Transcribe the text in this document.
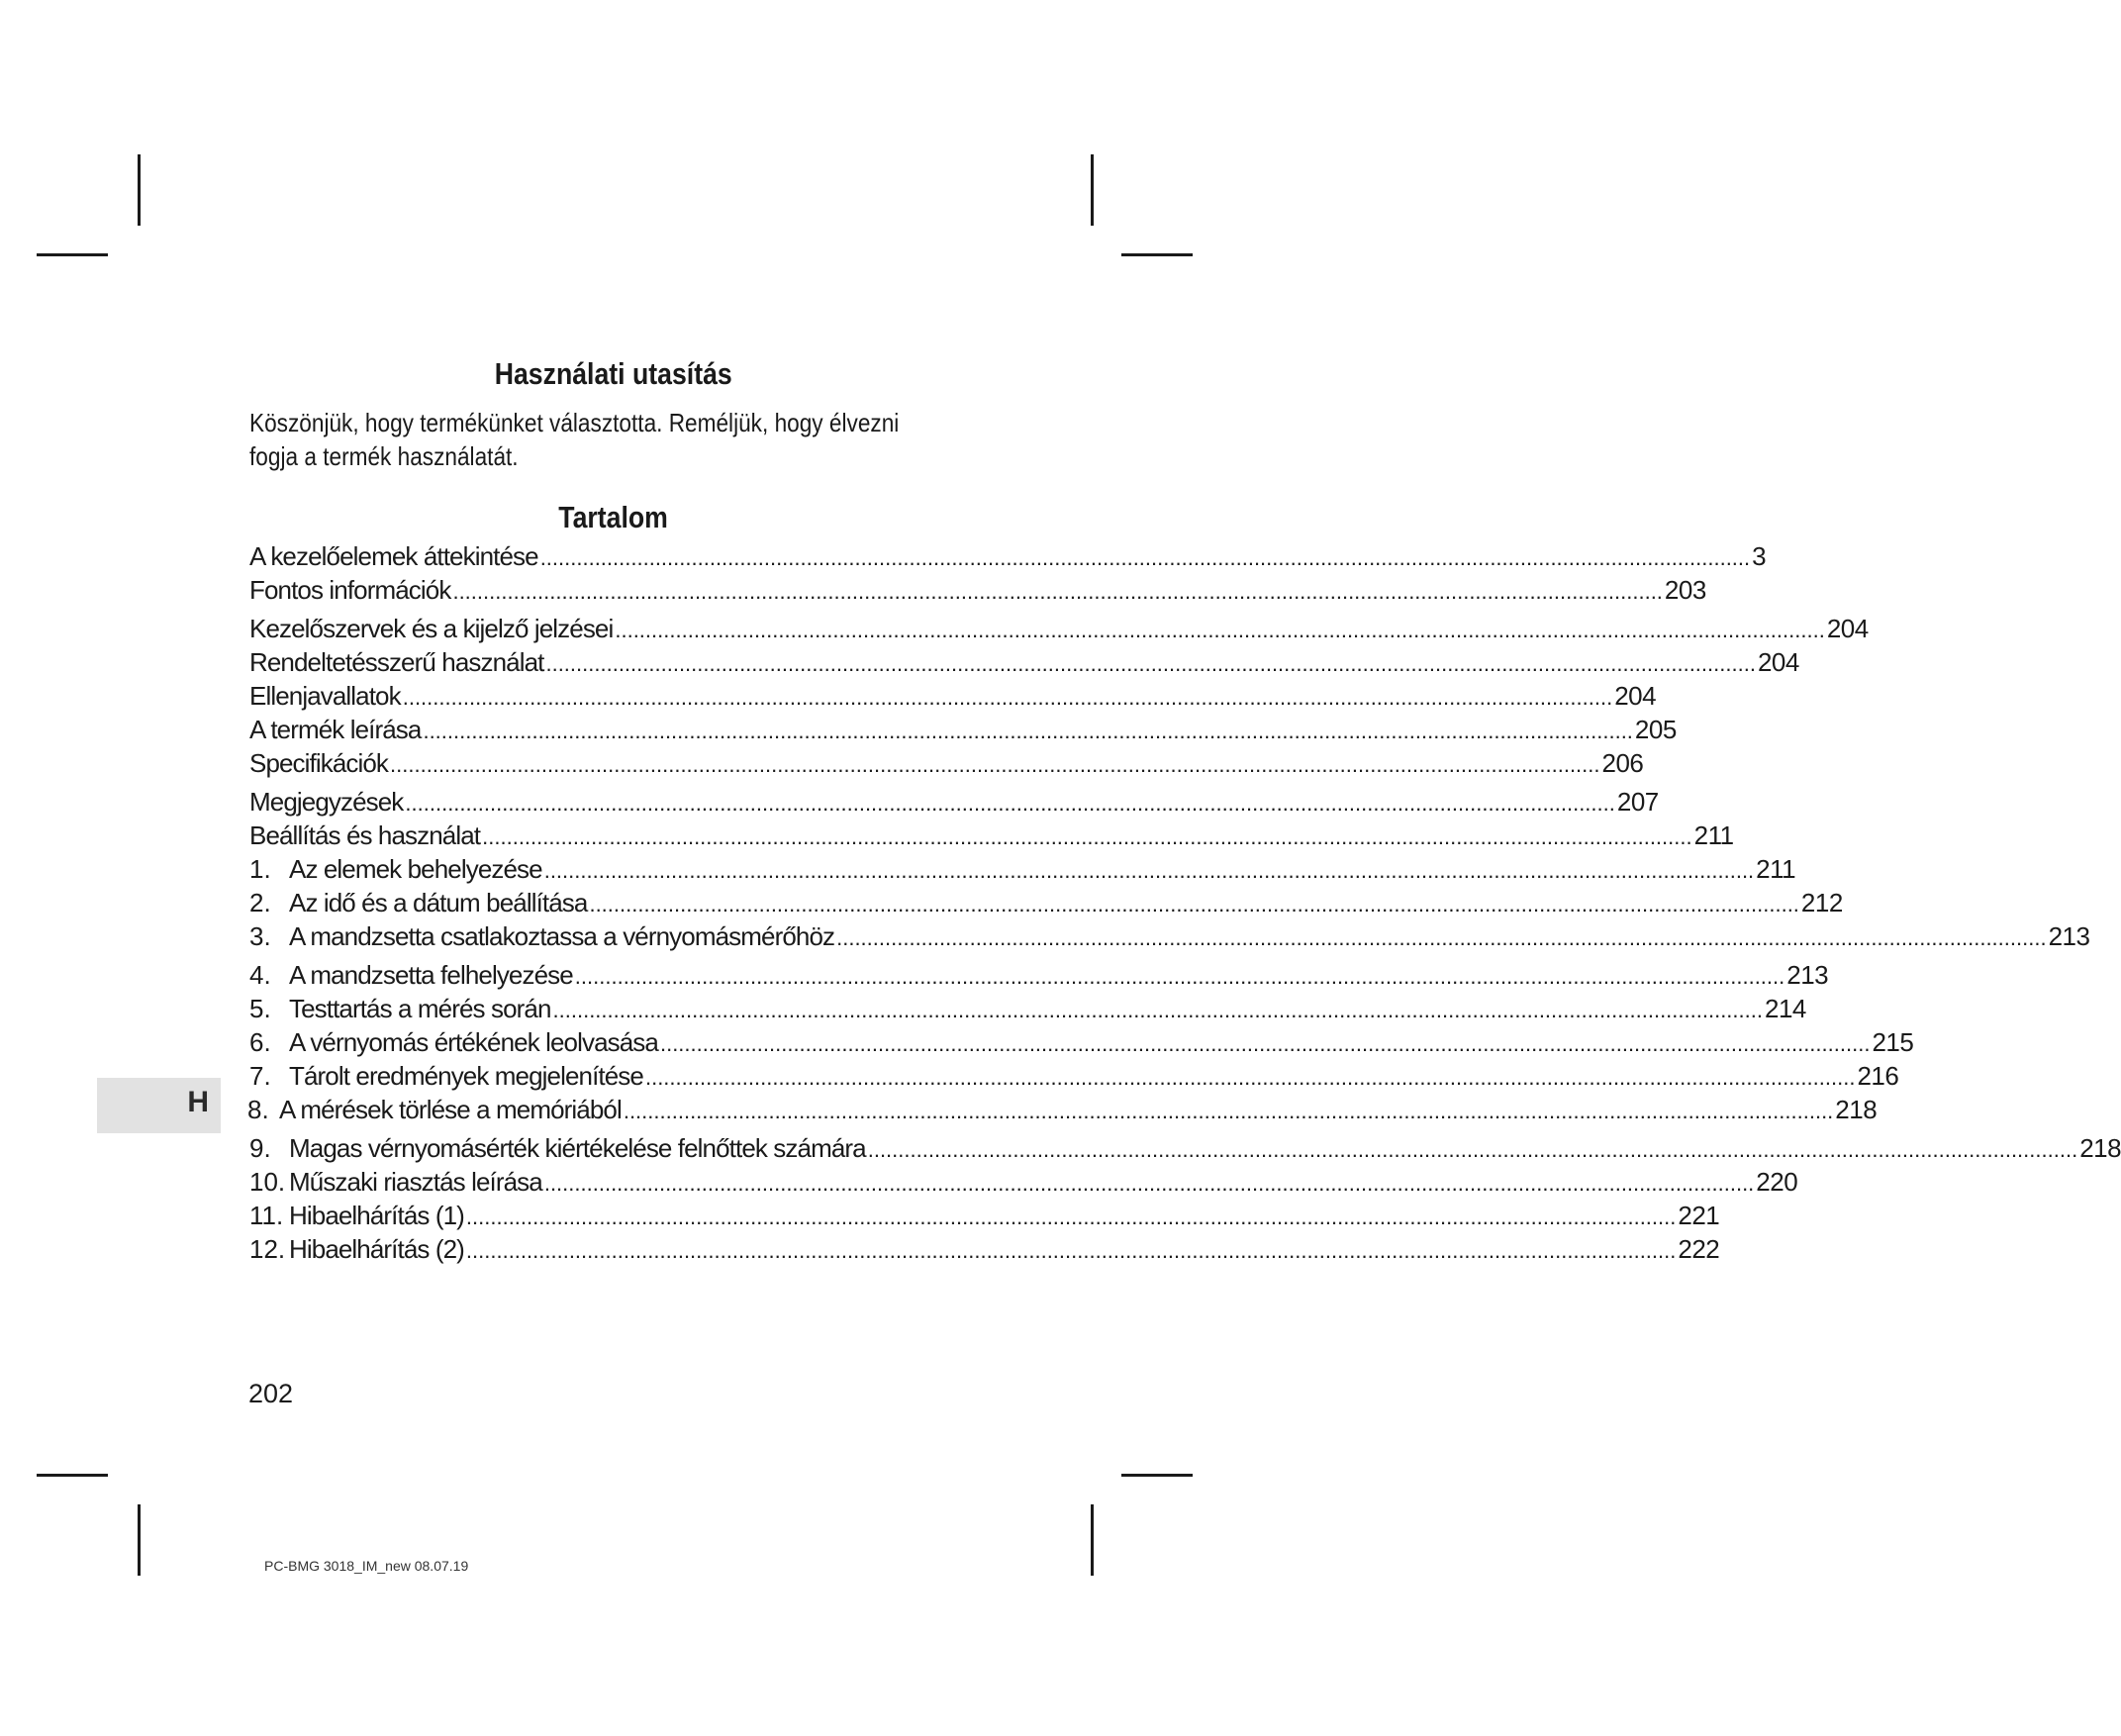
Használati utasítás
Köszönjük, hogy termékünket választotta. Reméljük, hogy élvezni
fogja a termék használatát.
Tartalom
A kezelőelemek áttekintése ........................................................................................................................................................................................................ 3
Fontos információk ........................................................................................................................................................................................................ 203
Kezelőszervek és a kijelző jelzései ........................................................................................................................................................................................................ 204
Rendeltetésszerű használat ........................................................................................................................................................................................................ 204
Ellenjavallatok ........................................................................................................................................................................................................ 204
A termék leírása ........................................................................................................................................................................................................ 205
Specifikációk ........................................................................................................................................................................................................ 206
Megjegyzések ........................................................................................................................................................................................................ 207
Beállítás és használat ........................................................................................................................................................................................................ 211
1. Az elemek behelyezése ........................................................................................................................................................................................................ 211
2. Az idő és a dátum beállítása ........................................................................................................................................................................................................ 212
3. A mandzsetta csatlakoztassa a vérnyomásmérőhöz ........................................................................................................................................................................................................ 213
4. A mandzsetta felhelyezése ........................................................................................................................................................................................................ 213
5. Testtartás a mérés során ........................................................................................................................................................................................................ 214
6. A vérnyomás értékének leolvasása ........................................................................................................................................................................................................ 215
7. Tárolt eredmények megjelenítése ........................................................................................................................................................................................................ 216
8. A mérések törlése a memóriából ........................................................................................................................................................................................................ 218
9. Magas vérnyomásérték kiértékelése felnőttek számára ........................................................................................................................................................................................................ 218
10. Műszaki riasztás leírása ........................................................................................................................................................................................................ 220
11. Hibaelhárítás (1) ........................................................................................................................................................................................................ 221
12. Hibaelhárítás (2) ........................................................................................................................................................................................................ 222
H
202
PC-BMG 3018_IM_new 08.07.19
